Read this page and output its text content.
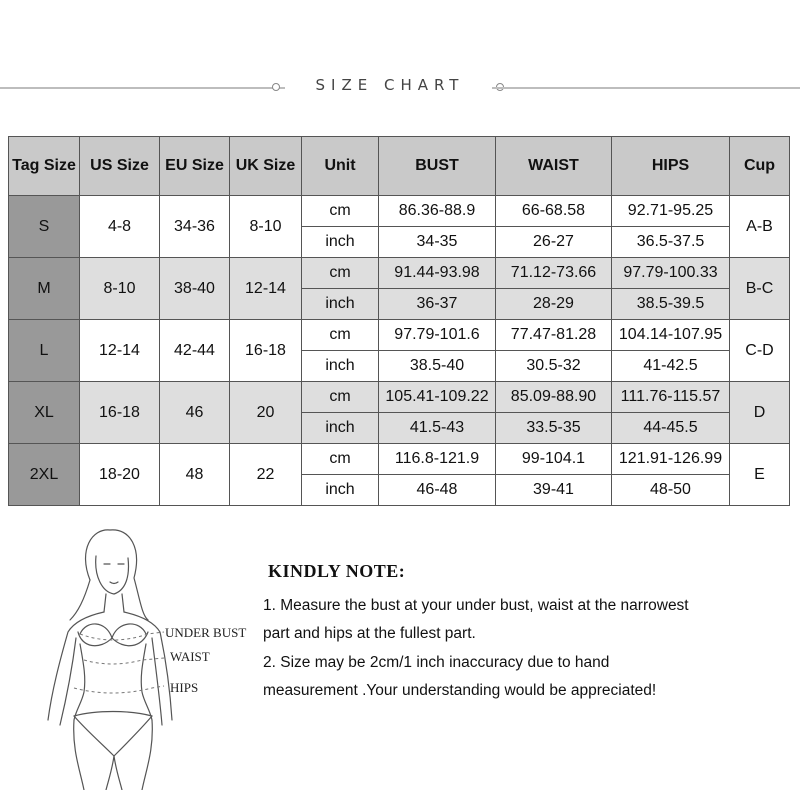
SIZE CHART
Tag Size	US Size	EU Size	UK Size	Unit	BUST	WAIST	HIPS	Cup
S	4-8	34-36	8-10	cm	86.36-88.9	66-68.58	92.71-95.25	A-B
				inch	34-35	26-27	36.5-37.5	
M	8-10	38-40	12-14	cm	91.44-93.98	71.12-73.66	97.79-100.33	B-C
				inch	36-37	28-29	38.5-39.5	
L	12-14	42-44	16-18	cm	97.79-101.6	77.47-81.28	104.14-107.95	C-D
				inch	38.5-40	30.5-32	41-42.5	
XL	16-18	46	20	cm	105.41-109.22	85.09-88.90	111.76-115.57	D
				inch	41.5-43	33.5-35	44-45.5	
2XL	18-20	48	22	cm	116.8-121.9	99-104.1	121.91-126.99	E
				inch	46-48	39-41	48-50	
UNDER BUST
WAIST
HIPS
KINDLY NOTE:
1. Measure the bust at your under bust, waist at the narrowest
part and hips at the fullest part.
2. Size may be 2cm/1 inch inaccuracy due to hand
measurement .Your understanding would be appreciated!
